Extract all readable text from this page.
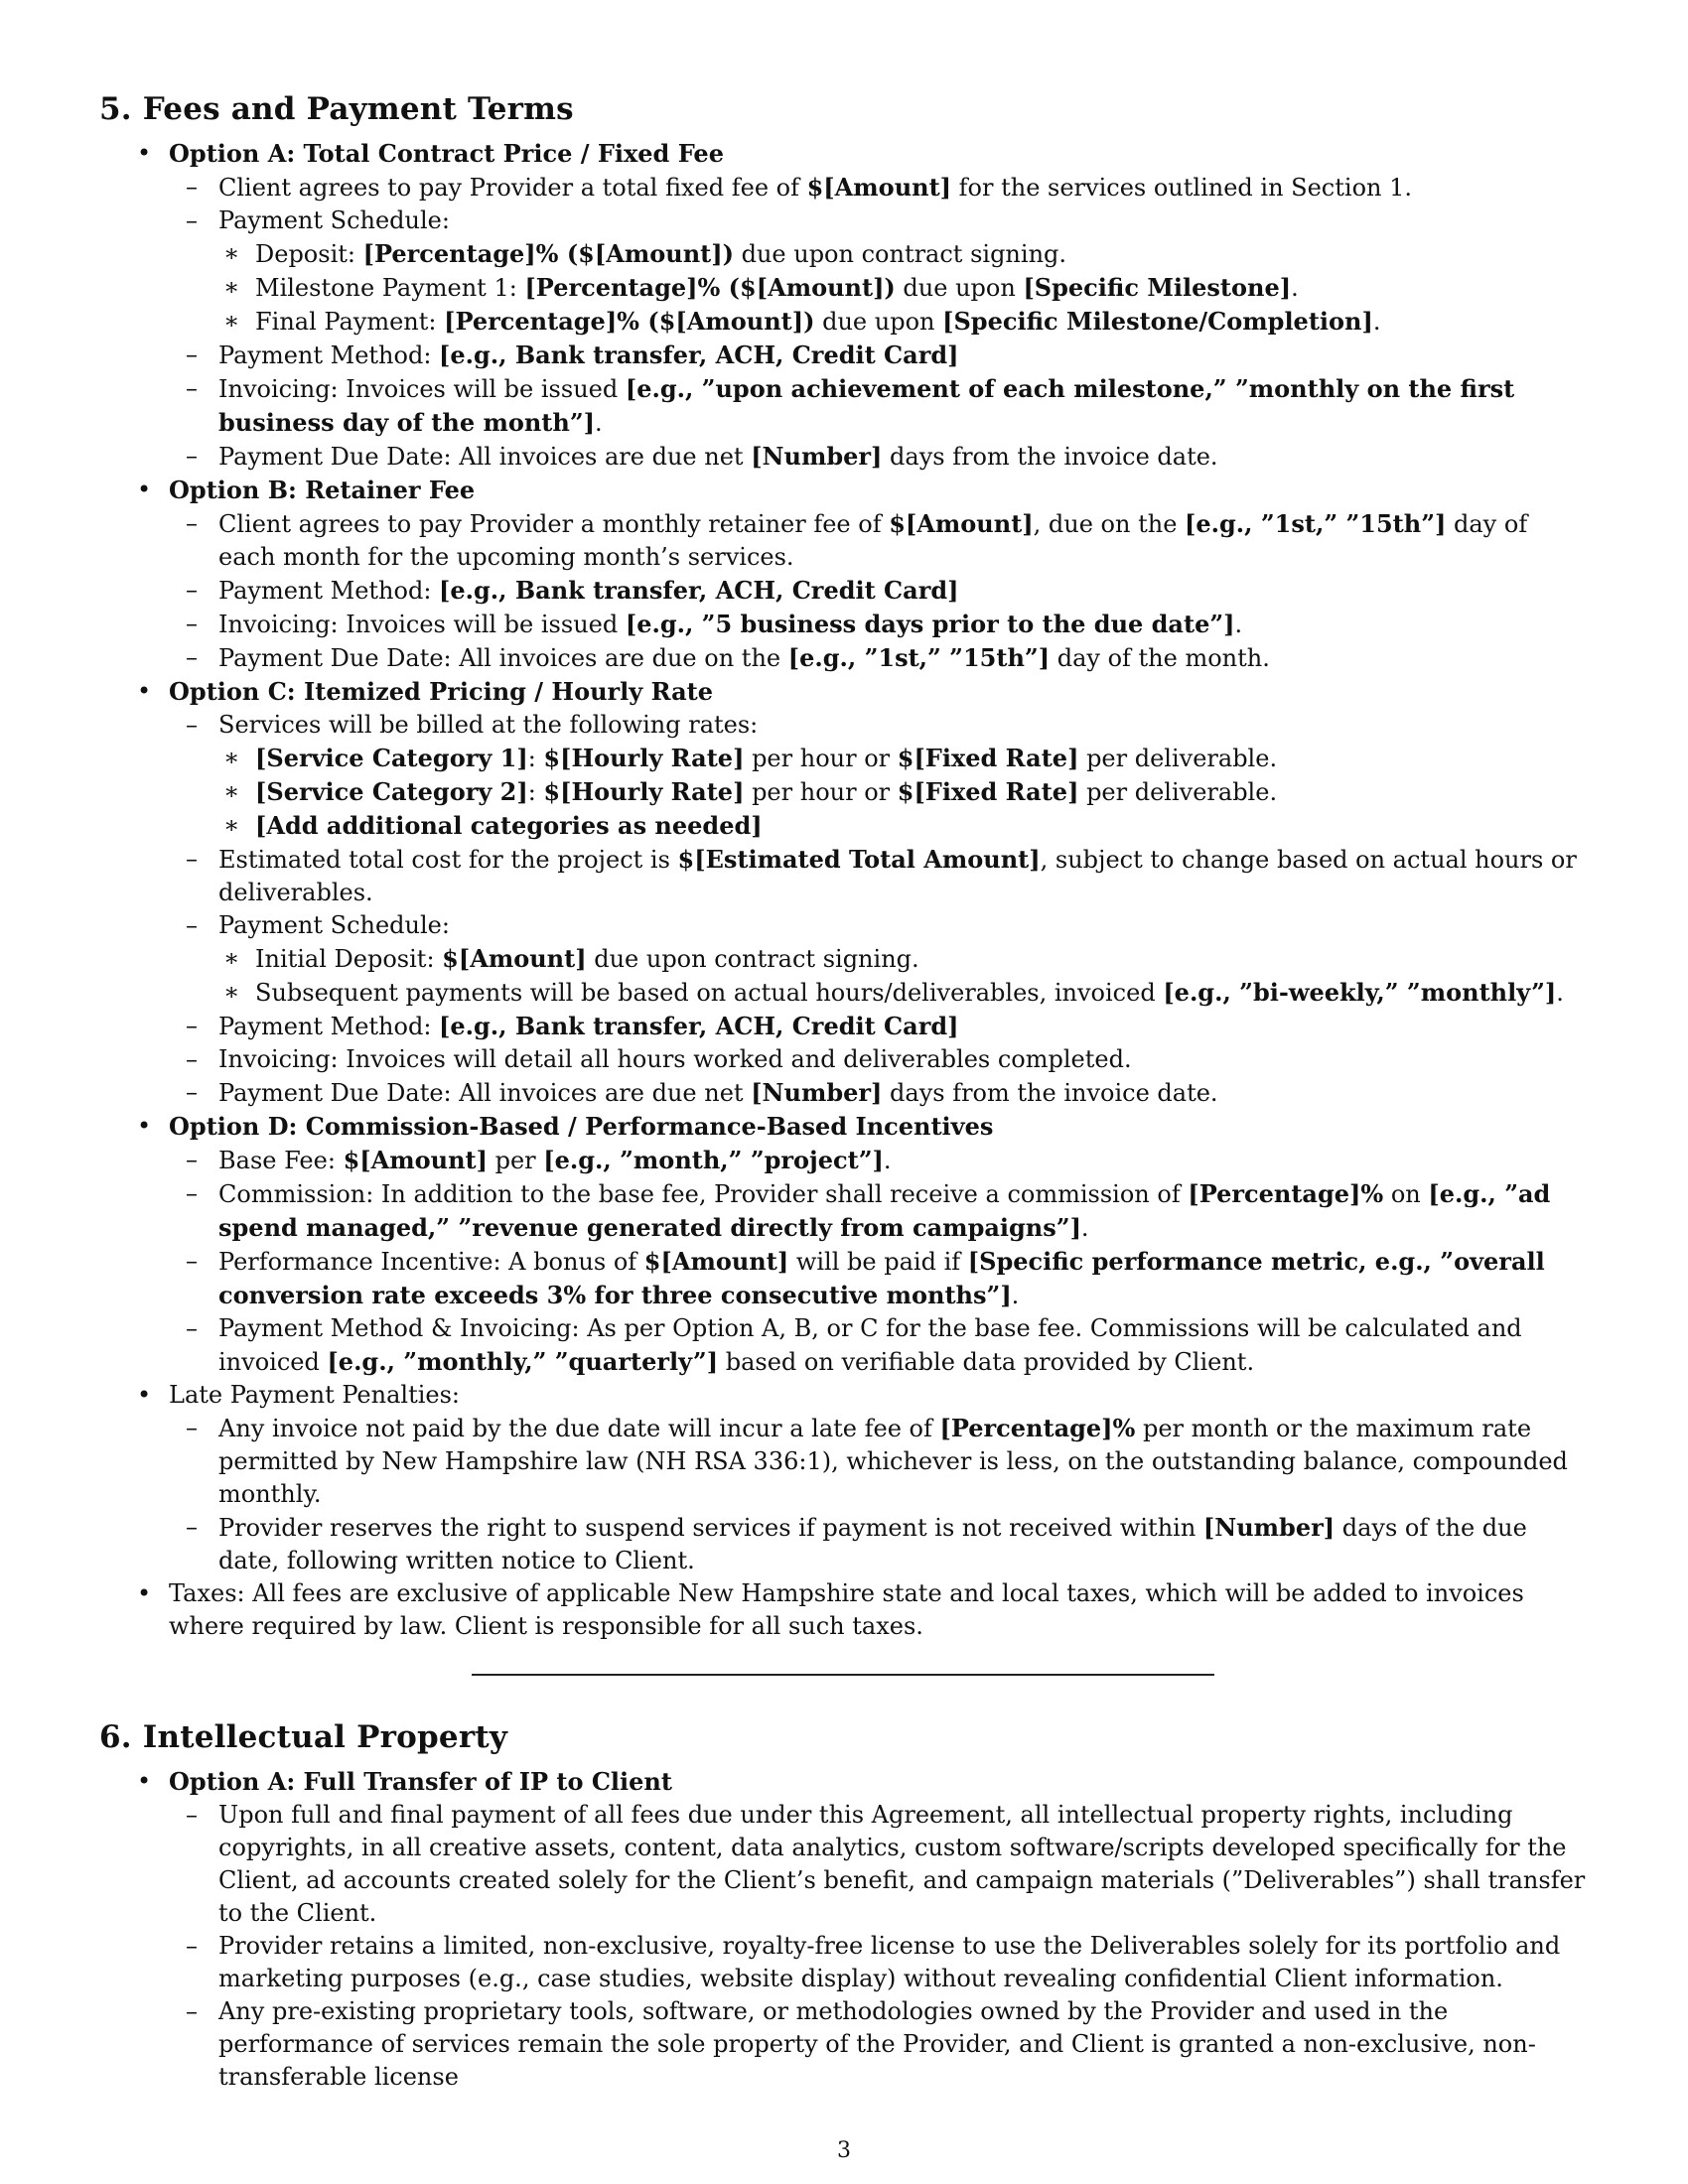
5. Fees and Payment Terms
• Option A: Total Contract Price / Fixed Fee
– Client agrees to pay Provider a total fixed fee of $[Amount] for the services outlined in Section 1.
– Payment Schedule:
∗ Deposit: [Percentage]% ($[Amount]) due upon contract signing.
∗ Milestone Payment 1: [Percentage]% ($[Amount]) due upon [Specific Milestone].
∗ Final Payment: [Percentage]% ($[Amount]) due upon [Specific Milestone/Completion].
– Payment Method: [e.g., Bank transfer, ACH, Credit Card]
– Invoicing: Invoices will be issued [e.g., ”upon achievement of each milestone,” ”monthly on the first business day of the month”].
– Payment Due Date: All invoices are due net [Number] days from the invoice date.
• Option B: Retainer Fee
– Client agrees to pay Provider a monthly retainer fee of $[Amount], due on the [e.g., ”1st,” ”15th”] day of each month for the upcoming month’s services.
– Payment Method: [e.g., Bank transfer, ACH, Credit Card]
– Invoicing: Invoices will be issued [e.g., ”5 business days prior to the due date”].
– Payment Due Date: All invoices are due on the [e.g., ”1st,” ”15th”] day of the month.
• Option C: Itemized Pricing / Hourly Rate
– Services will be billed at the following rates:
∗ [Service Category 1]: $[Hourly Rate] per hour or $[Fixed Rate] per deliverable.
∗ [Service Category 2]: $[Hourly Rate] per hour or $[Fixed Rate] per deliverable.
∗ [Add additional categories as needed]
– Estimated total cost for the project is $[Estimated Total Amount], subject to change based on actual hours or deliverables.
– Payment Schedule:
∗ Initial Deposit: $[Amount] due upon contract signing.
∗ Subsequent payments will be based on actual hours/deliverables, invoiced [e.g., ”bi-weekly,” ”monthly”].
– Payment Method: [e.g., Bank transfer, ACH, Credit Card]
– Invoicing: Invoices will detail all hours worked and deliverables completed.
– Payment Due Date: All invoices are due net [Number] days from the invoice date.
• Option D: Commission-Based / Performance-Based Incentives
– Base Fee: $[Amount] per [e.g., ”month,” ”project”].
– Commission: In addition to the base fee, Provider shall receive a commission of [Percentage]% on [e.g., ”ad spend managed,” ”revenue generated directly from campaigns”].
– Performance Incentive: A bonus of $[Amount] will be paid if [Specific performance metric, e.g., ”overall conversion rate exceeds 3% for three consecutive months”].
– Payment Method & Invoicing: As per Option A, B, or C for the base fee. Commissions will be calculated and invoiced [e.g., ”monthly,” ”quarterly”] based on verifiable data provided by Client.
• Late Payment Penalties:
– Any invoice not paid by the due date will incur a late fee of [Percentage]% per month or the maximum rate permitted by New Hampshire law (NH RSA 336:1), whichever is less, on the outstanding balance, compounded monthly.
– Provider reserves the right to suspend services if payment is not received within [Number] days of the due date, following written notice to Client.
• Taxes: All fees are exclusive of applicable New Hampshire state and local taxes, which will be added to invoices where required by law. Client is responsible for all such taxes.
6. Intellectual Property
• Option A: Full Transfer of IP to Client
– Upon full and final payment of all fees due under this Agreement, all intellectual property rights, including copyrights, in all creative assets, content, data analytics, custom software/scripts developed specifically for the Client, ad accounts created solely for the Client’s benefit, and campaign materials (”Deliverables”) shall transfer to the Client.
– Provider retains a limited, non-exclusive, royalty-free license to use the Deliverables solely for its portfolio and marketing purposes (e.g., case studies, website display) without revealing confidential Client information.
– Any pre-existing proprietary tools, software, or methodologies owned by the Provider and used in the performance of services remain the sole property of the Provider, and Client is granted a non-exclusive, non-transferable license
3
